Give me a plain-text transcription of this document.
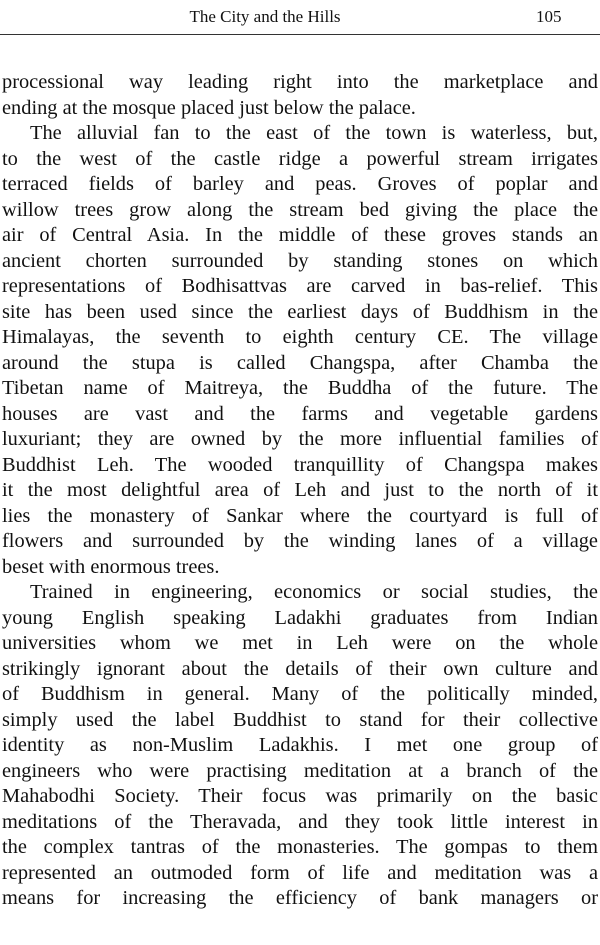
The City and the Hills	105
processional way leading right into the marketplace and
ending at the mosque placed just below the palace.
The alluvial fan to the east of the town is waterless, but,
to the west of the castle ridge a powerful stream irrigates
terraced fields of barley and peas. Groves of poplar and
willow trees grow along the stream bed giving the place the
air of Central Asia. In the middle of these groves stands an
ancient chorten surrounded by standing stones on which
representations of Bodhisattvas are carved in bas-relief. This
site has been used since the earliest days of Buddhism in the
Himalayas, the seventh to eighth century CE. The village
around the stupa is called Changspa, after Chamba the
Tibetan name of Maitreya, the Buddha of the future. The
houses are vast and the farms and vegetable gardens
luxuriant; they are owned by the more influential families of
Buddhist Leh. The wooded tranquillity of Changspa makes
it the most delightful area of Leh and just to the north of it
lies the monastery of Sankar where the courtyard is full of
flowers and surrounded by the winding lanes of a village
beset with enormous trees.
Trained in engineering, economics or social studies, the
young English speaking Ladakhi graduates from Indian
universities whom we met in Leh were on the whole
strikingly ignorant about the details of their own culture and
of Buddhism in general. Many of the politically minded,
simply used the label Buddhist to stand for their collective
identity as non-Muslim Ladakhis. I met one group of
engineers who were practising meditation at a branch of the
Mahabodhi Society. Their focus was primarily on the basic
meditations of the Theravada, and they took little interest in
the complex tantras of the monasteries. The gompas to them
represented an outmoded form of life and meditation was a
means for increasing the efficiency of bank managers or
